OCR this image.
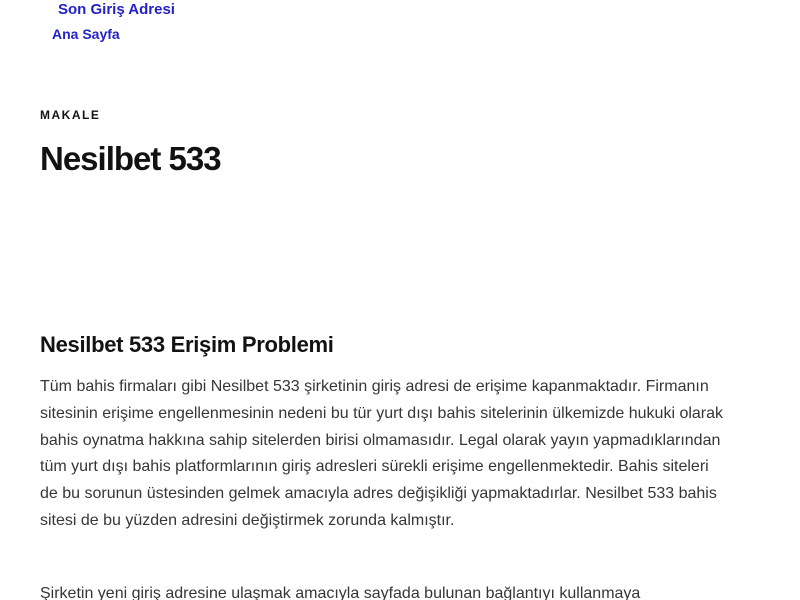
Son Giriş Adresi
Ana Sayfa
MAKALE
Nesilbet 533
Nesilbet 533 Erişim Problemi

Tüm bahis firmaları gibi Nesilbet 533 şirketinin giriş adresi de erişime kapanmaktadır. Firmanın sitesinin erişime engellenmesinin nedeni bu tür yurt dışı bahis sitelerinin ülkemizde hukuki olarak bahis oynatma hakkına sahip sitelerden birisi olmamasıdır. Legal olarak yayın yapmadıklarından tüm yurt dışı bahis platformlarının giriş adresleri sürekli erişime engellenmektedir. Bahis siteleri de bu sorunun üstesinden gelmek amacıyla adres değişikliği yapmaktadırlar. Nesilbet 533 bahis sitesi de bu yüzden adresini değiştirmek zorunda kalmıştır.

Şirketin yeni giriş adresine ulaşmak amacıyla sayfada bulunan bağlantıyı kullanmaya
